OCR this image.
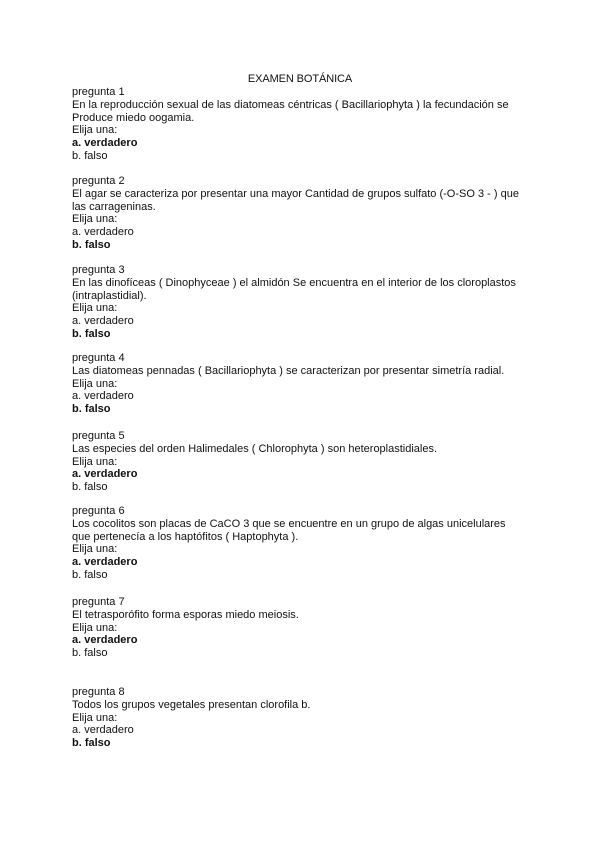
EXAMEN BOTÁNICA
pregunta 1
En la reproducción sexual de las diatomeas céntricas ( Bacillariophyta ) la fecundación se
Produce miedo oogamia.
Elija una:
a. verdadero
b. falso
pregunta 2
El agar se caracteriza por presentar una mayor Cantidad de grupos sulfato (-O-SO 3 - ) que
las carrageninas.
Elija una:
a. verdadero
b. falso
pregunta 3
En las dinofíceas ( Dinophyceae ) el almidón Se encuentra en el interior de los cloroplastos
(intraplastidial).
Elija una:
a. verdadero
b. falso
pregunta 4
Las diatomeas pennadas ( Bacillariophyta ) se caracterizan por presentar simetría radial.
Elija una:
a. verdadero
b. falso
pregunta 5
Las especies del orden Halimedales ( Chlorophyta ) son heteroplastidiales.
Elija una:
a. verdadero
b. falso
pregunta 6
Los cocolitos son placas de CaCO 3 que se encuentre en un grupo de algas unicelulares
que pertenecía a los haptófitos ( Haptophyta ).
Elija una:
a. verdadero
b. falso
pregunta 7
El tetrasporófito forma esporas miedo meiosis.
Elija una:
a. verdadero
b. falso
pregunta 8
Todos los grupos vegetales presentan clorofila b.
Elija una:
a. verdadero
b. falso
